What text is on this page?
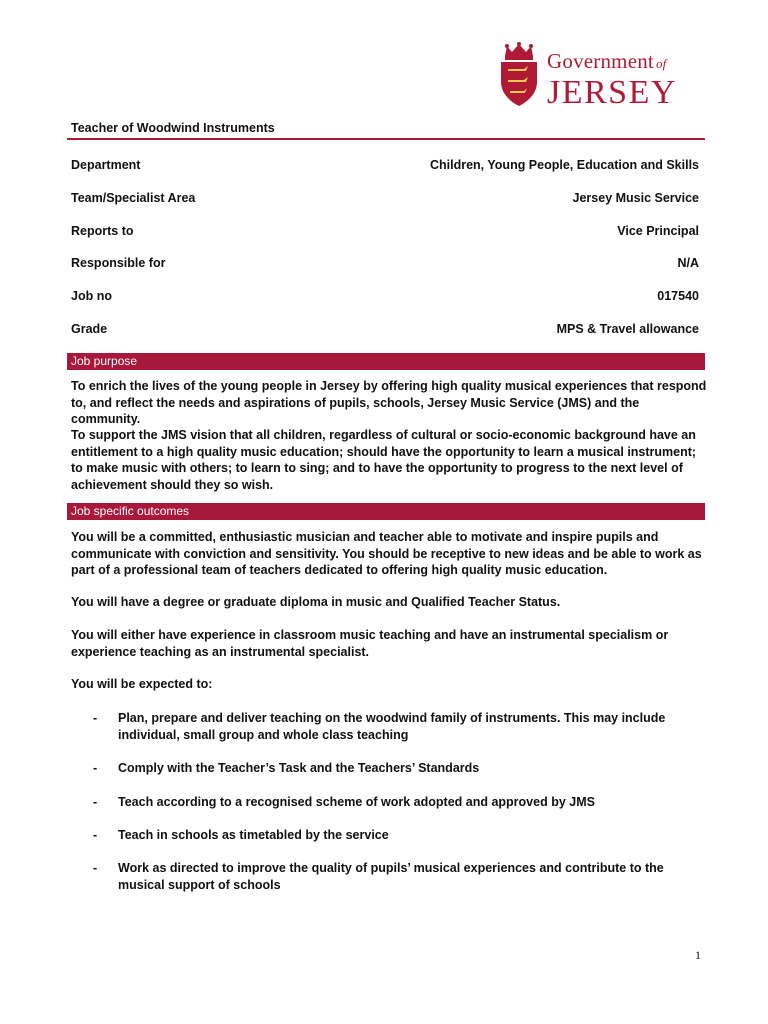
Government of
JERSEY
Teacher of Woodwind Instruments
Department	Children, Young People, Education and Skills
Team/Specialist Area	Jersey Music Service
Reports to	Vice Principal
Responsible for	N/A
Job no	017540
Grade	MPS & Travel allowance
Job purpose
To enrich the lives of the young people in Jersey by offering high quality musical experiences that respond to, and reflect the needs and aspirations of pupils, schools, Jersey Music Service (JMS) and the community.
To support the JMS vision that all children, regardless of cultural or socio-economic background have an entitlement to a high quality music education; should have the opportunity to learn a musical instrument; to make music with others; to learn to sing; and to have the opportunity to progress to the next level of achievement should they so wish.
Job specific outcomes
You will be a committed, enthusiastic musician and teacher able to motivate and inspire pupils and communicate with conviction and sensitivity. You should be receptive to new ideas and be able to work as part of a professional team of teachers dedicated to offering high quality music education.
You will have a degree or graduate diploma in music and Qualified Teacher Status.
You will either have experience in classroom music teaching and have an instrumental specialism or experience teaching as an instrumental specialist.
You will be expected to:
-	Plan, prepare and deliver teaching on the woodwind family of instruments. This may include individual, small group and whole class teaching
-	Comply with the Teacher’s Task and the Teachers’ Standards
-	Teach according to a recognised scheme of work adopted and approved by JMS
-	Teach in schools as timetabled by the service
-	Work as directed to improve the quality of pupils’ musical experiences and contribute to the musical support of schools
1
